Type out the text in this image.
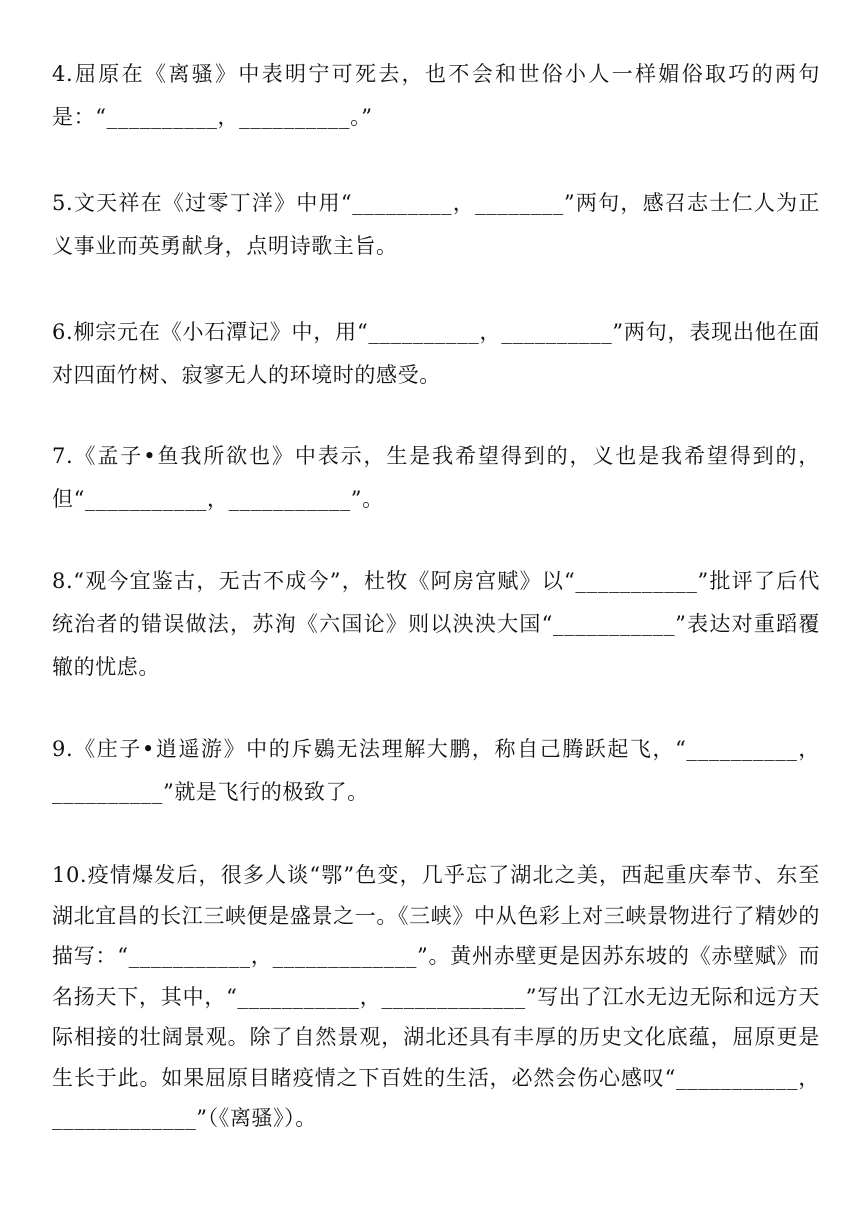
4.屈原在《离骚》中表明宁可死去，也不会和世俗小人一样媚俗取巧的两句是：“__________，__________。”

5.文天祥在《过零丁洋》中用“_________，________”两句，感召志士仁人为正义事业而英勇献身，点明诗歌主旨。

6.柳宗元在《小石潭记》中，用“__________，__________”两句，表现出他在面对四面竹树、寂寥无人的环境时的感受。

7.《孟子•鱼我所欲也》中表示，生是我希望得到的，义也是我希望得到的，但“___________，___________”。

8.“观今宜鉴古，无古不成今”，杜牧《阿房宫赋》以“___________”批评了后代统治者的错误做法，苏洵《六国论》则以泱泱大国“___________”表达对重蹈覆辙的忧虑。

9.《庄子•逍遥游》中的斥鷃无法理解大鹏，称自己腾跃起飞，“__________，__________”就是飞行的极致了。

10.疫情爆发后，很多人谈“鄂”色变，几乎忘了湖北之美，西起重庆奉节、东至湖北宜昌的长江三峡便是盛景之一。《三峡》中从色彩上对三峡景物进行了精妙的描写：“___________，_____________”。黄州赤壁更是因苏东坡的《赤壁赋》而名扬天下，其中，“___________，_____________”写出了江水无边无际和远方天际相接的壮阔景观。除了自然景观，湖北还具有丰厚的历史文化底蕴，屈原更是生长于此。如果屈原目睹疫情之下百姓的生活，必然会伤心感叹“___________，_____________”（《离骚》）。
